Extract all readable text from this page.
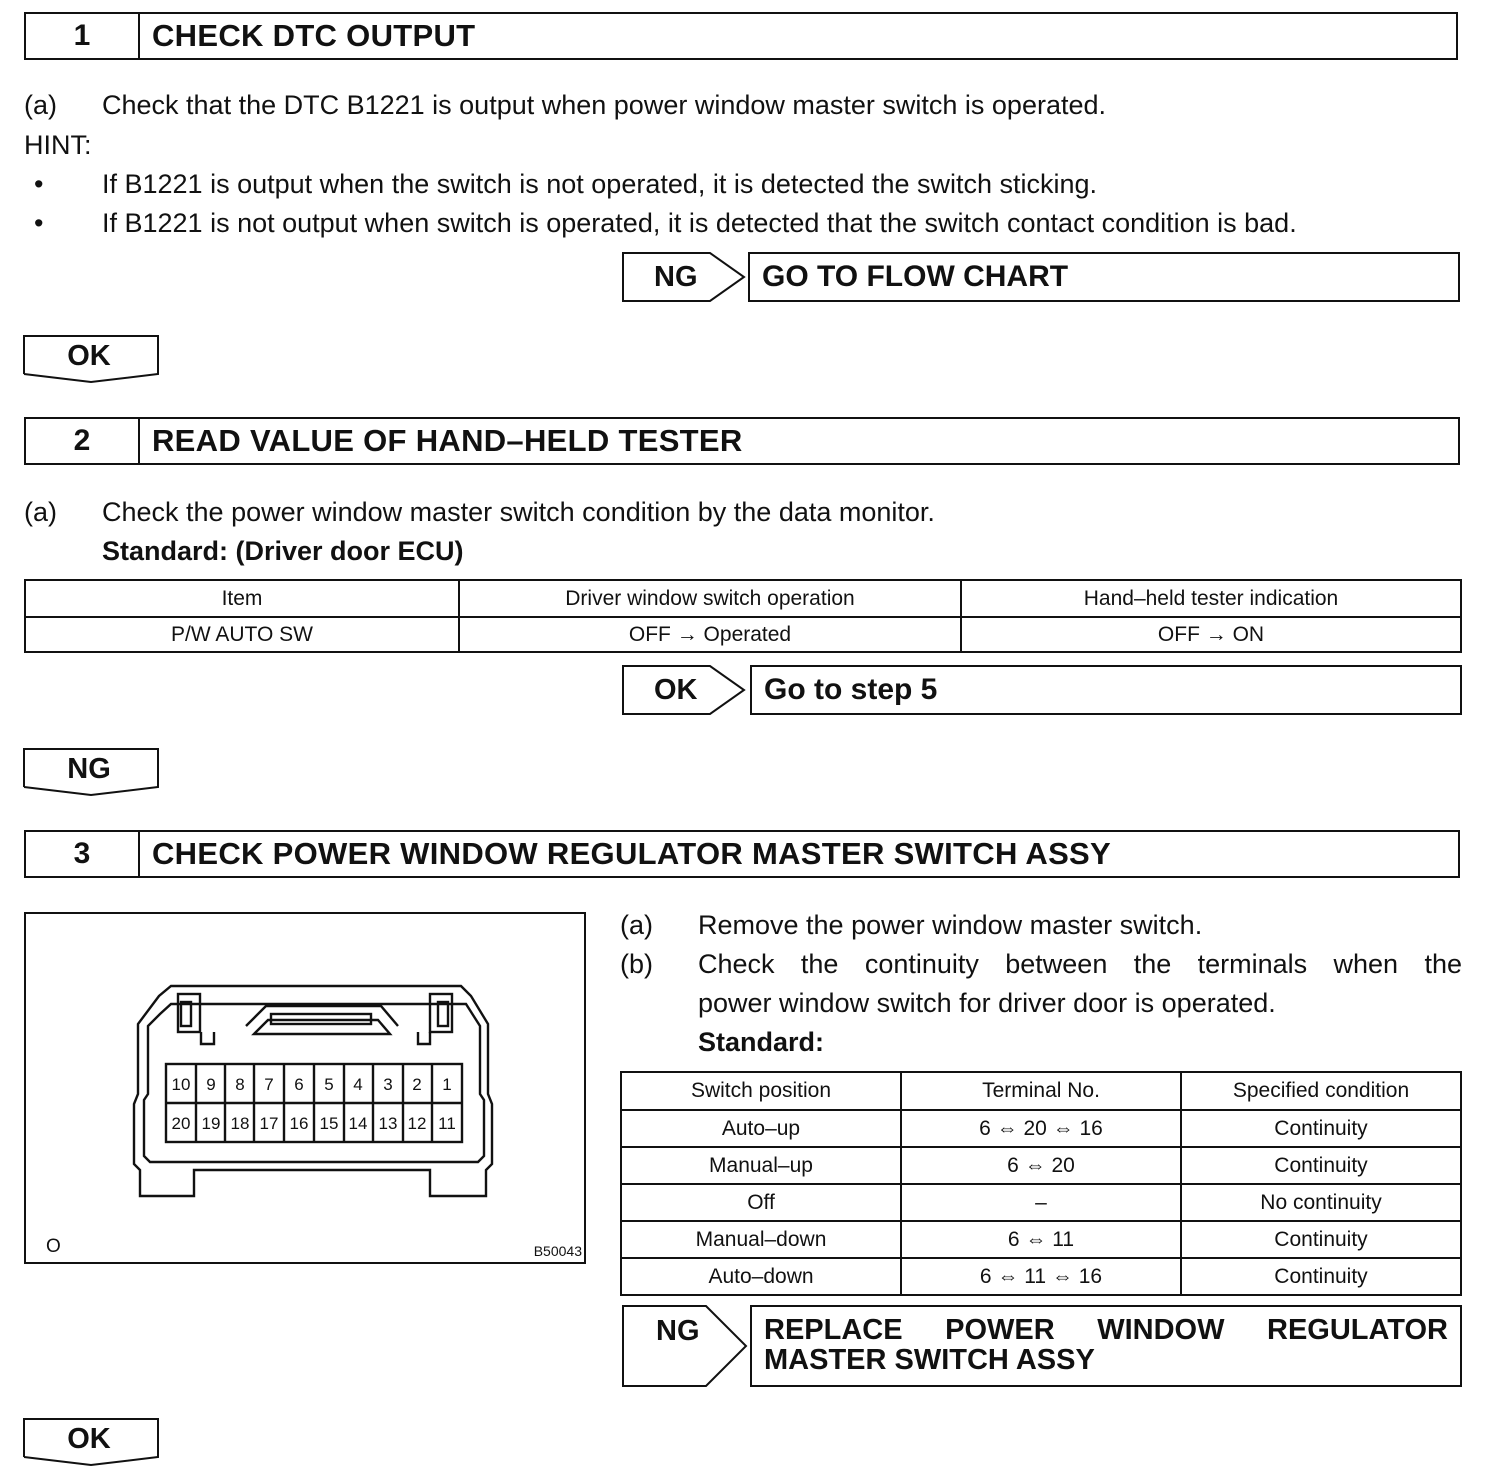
1	CHECK DTC OUTPUT
(a) Check that the DTC B1221 is output when power window master switch is operated.
HINT:
• If B1221 is output when the switch is not operated, it is detected the switch sticking.
• If B1221 is not output when switch is operated, it is detected that the switch contact condition is bad.
NG	GO TO FLOW CHART
OK
2	READ VALUE OF HAND–HELD TESTER
(a) Check the power window master switch condition by the data monitor.
Standard: (Driver door ECU)
Item	Driver window switch operation	Hand–held tester indication
P/W AUTO SW	OFF → Operated	OFF → ON
OK	Go to step 5
NG
3	CHECK POWER WINDOW REGULATOR MASTER SWITCH ASSY
10 9 8 7 6 5 4 3 2 1
20 19 18 17 16 15 14 13 12 11
O	B50043
(a) Remove the power window master switch.
(b) Check the continuity between the terminals when the
power window switch for driver door is operated.
Standard:
Switch position	Terminal No.	Specified condition
Auto–up	6 ⇔ 20 ⇔ 16	Continuity
Manual–up	6 ⇔ 20	Continuity
Off	–	No continuity
Manual–down	6 ⇔ 11	Continuity
Auto–down	6 ⇔ 11 ⇔ 16	Continuity
NG REPLACE POWER WINDOW REGULATOR
MASTER SWITCH ASSY
OK
